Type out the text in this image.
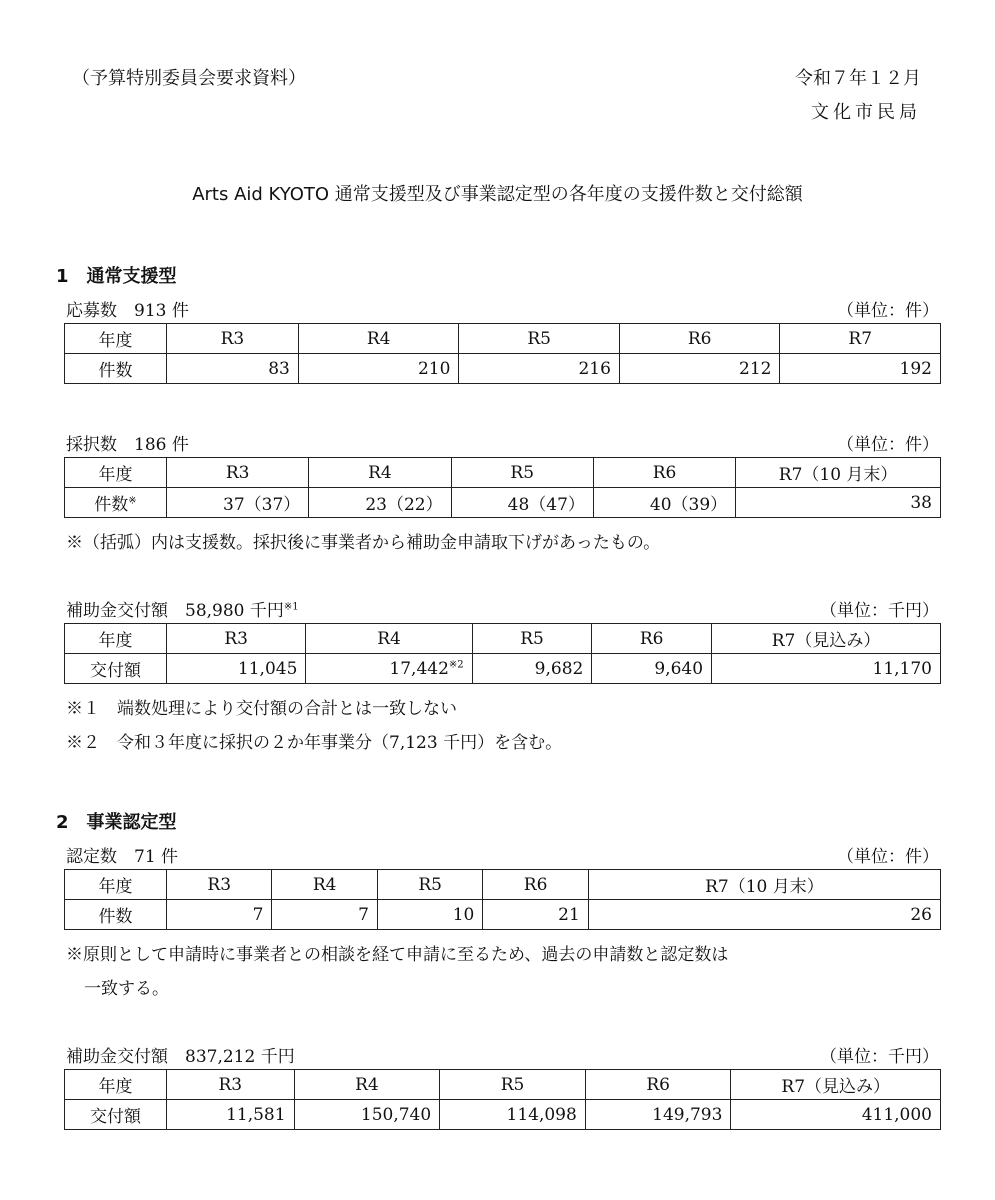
（予算特別委員会要求資料）	令和７年１２月
文化市民局
Arts Aid KYOTO 通常支援型及び事業認定型の各年度の支援件数と交付総額
1　通常支援型
応募数　913 件	（単位：件）
年度	R3	R4	R5	R6	R7
件数	83	210	216	212	192
採択数　186 件	（単位：件）
年度	R3	R4	R5	R6	R7（10 月末）
件数※	37（37）	23（22）	48（47）	40（39）	38
※（括弧）内は支援数。採択後に事業者から補助金申請取下げがあったもの。
補助金交付額　58,980 千円$^{※1}$	（単位：千円）
年度	R3	R4	R5	R6	R7（見込み）
交付額	11,045	17,442$^{※2}$	9,682	9,640	11,170
※１　端数処理により交付額の合計とは一致しない
※２　令和３年度に採択の２か年事業分（7,123 千円）を含む。
2　事業認定型
認定数　71 件	（単位：件）
年度	R3	R4	R5	R6	R7（10 月末）
件数	7	7	10	21	26
※原則として申請時に事業者との相談を経て申請に至るため、過去の申請数と認定数は
一致する。
補助金交付額　837,212 千円	（単位：千円）
年度	R3	R4	R5	R6	R7（見込み）
交付額	11,581	150,740	114,098	149,793	411,000
